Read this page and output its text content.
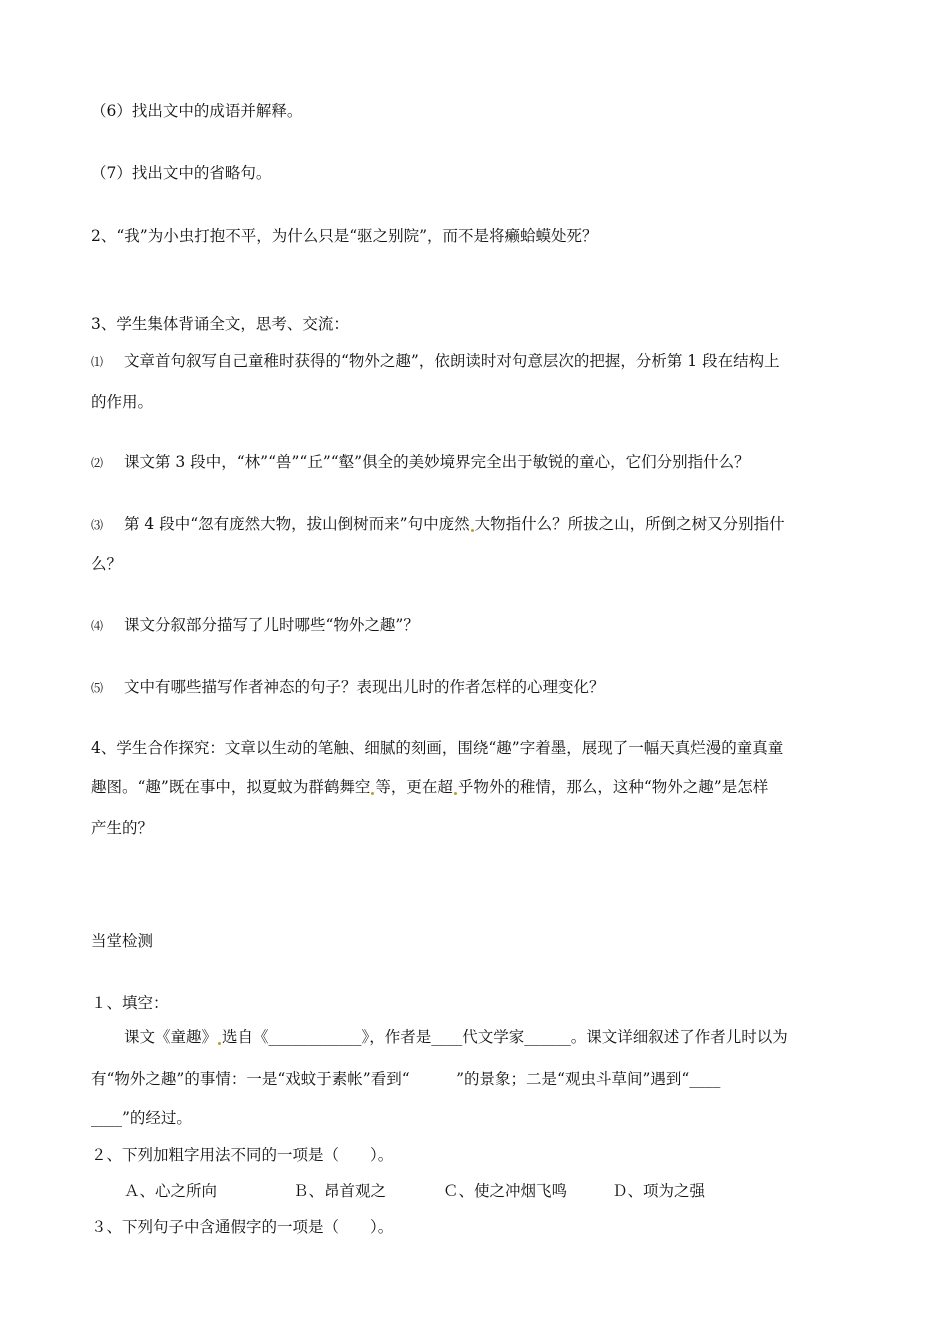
（6）找出文中的成语并解释。
（7）找出文中的省略句。
2、“我”为小虫打抱不平，为什么只是“驱之别院”，而不是将癞蛤蟆处死？
3、学生集体背诵全文，思考、交流：
⑴ 文章首句叙写自己童稚时获得的“物外之趣”，依朗读时对句意层次的把握，分析第 1 段在结构上
的作用。
⑵ 课文第 3 段中，“林”“兽”“丘”“壑”俱全的美妙境界完全出于敏锐的童心，它们分别指什么？
⑶ 第 4 段中“忽有庞然大物，拔山倒树而来”句中庞然 大物指什么？所拔之山，所倒之树又分别指什
么？
⑷ 课文分叙部分描写了儿时哪些“物外之趣”？
⑸ 文中有哪些描写作者神态的句子？表现出儿时的作者怎样的心理变化？
4、学生合作探究：文章以生动的笔触、细腻的刻画，围绕“趣”字着墨，展现了一幅天真烂漫的童真童
趣图。“趣”既在事中，拟夏蚊为群鹤舞空 等，更在超 乎物外的稚情，那么，这种“物外之趣”是怎样
产生的？
当堂检测
１、填空：
课文《童趣》 选自《____________》，作者是____代文学家______。课文详细叙述了作者儿时以为
有“物外之趣”的事情：一是“戏蚊于素帐”看到“　　　”的景象；二是“观虫斗草间”遇到“____
____”的经过。
２、下列加粗字用法不同的一项是（　　）。
Ａ、心之所向	Ｂ、昂首观之	Ｃ、使之冲烟飞鸣	Ｄ、项为之强
３、下列句子中含通假字的一项是（　　）。
